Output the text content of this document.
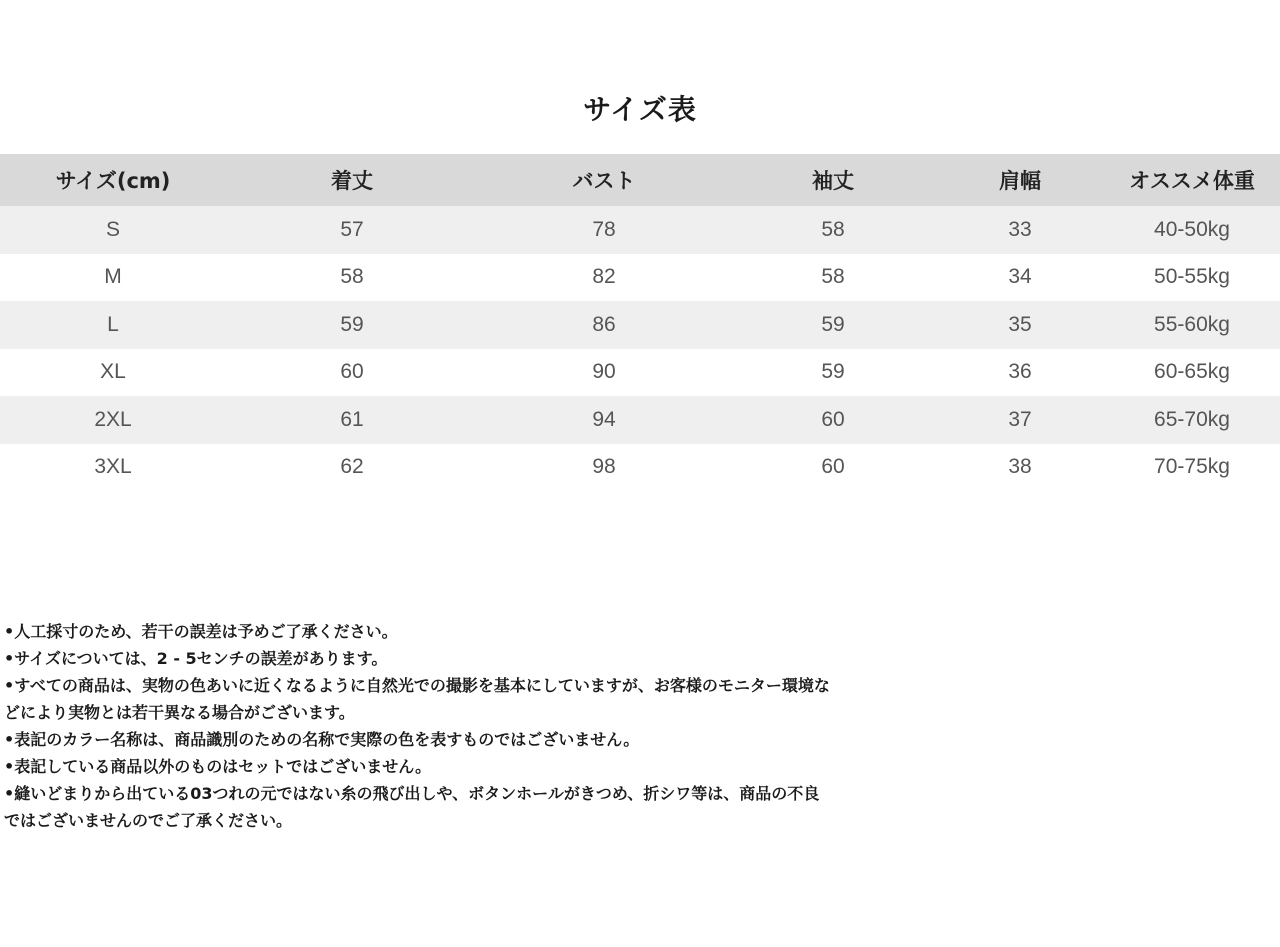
サイズ表
サイズ(cm)	着丈	バスト	袖丈	肩幅	オススメ体重
S	57	78	58	33	40-50kg
M	58	82	58	34	50-55kg
L	59	86	59	35	55-60kg
XL	60	90	59	36	60-65kg
2XL	61	94	60	37	65-70kg
3XL	62	98	60	38	70-75kg

•人工採寸のため、若干の誤差は予めご了承ください。

•サイズについては、2 - 5センチの誤差があります。

•すべての商品は、実物の色あいに近くなるように自然光での撮影を基本にしていますが、お客様のモニター環境な

どにより実物とは若干異なる場合がございます。

•表記のカラー名称は、商品識別のための名称で実際の色を表すものではございません。

•表記している商品以外のものはセットではございません。

•縫いどまりから出ている03つれの元ではない糸の飛び出しや、ボタンホールがきつめ、折シワ等は、商品の不良

ではございませんのでご了承ください。
